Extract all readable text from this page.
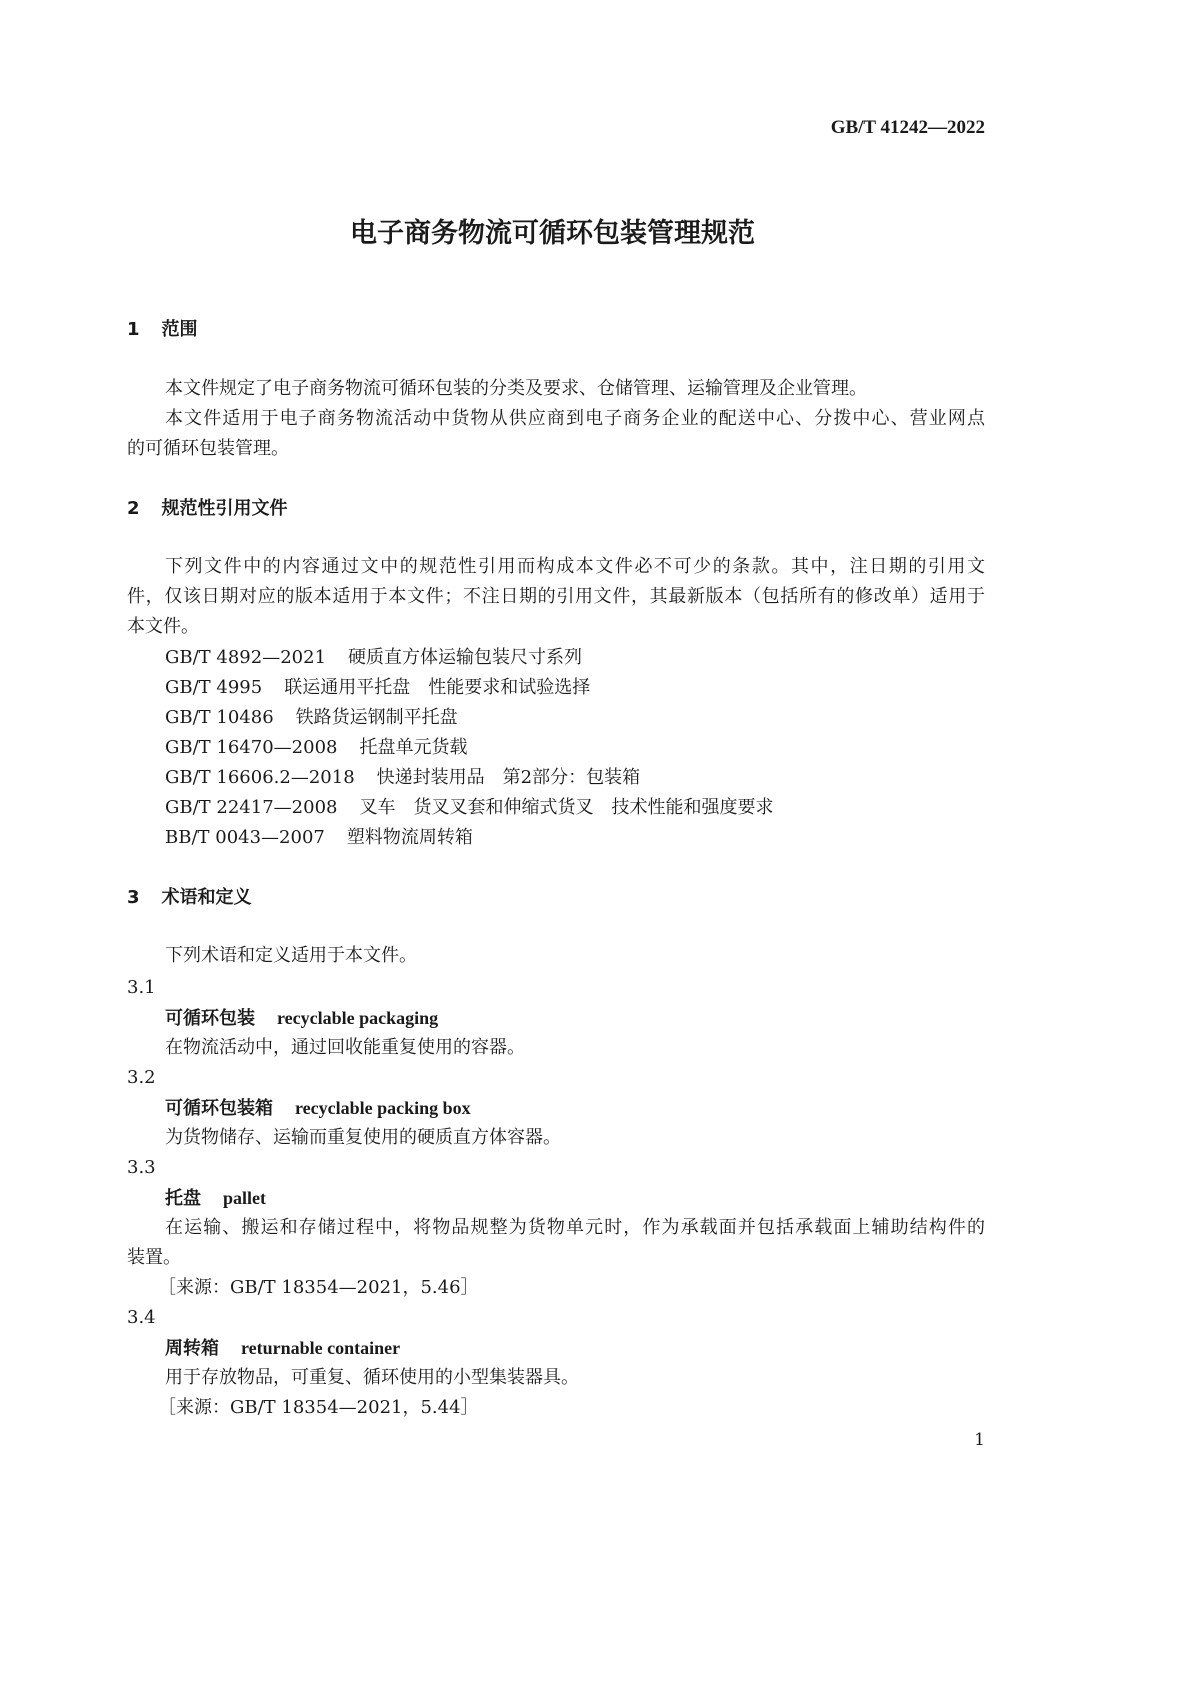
GB/T 41242—2022
电子商务物流可循环包装管理规范
1 范围
本文件规定了电子商务物流可循环包装的分类及要求、仓储管理、运输管理及企业管理。
本文件适用于电子商务物流活动中货物从供应商到电子商务企业的配送中心、分拨中心、营业网点
的可循环包装管理。
2 规范性引用文件
下列文件中的内容通过文中的规范性引用而构成本文件必不可少的条款。其中，注日期的引用文
件，仅该日期对应的版本适用于本文件；不注日期的引用文件，其最新版本（包括所有的修改单）适用于
本文件。
GB/T 4892—2021 硬质直方体运输包装尺寸系列
GB/T 4995 联运通用平托盘　性能要求和试验选择
GB/T 10486 铁路货运钢制平托盘
GB/T 16470—2008 托盘单元货载
GB/T 16606.2—2018 快递封装用品　第2部分：包装箱
GB/T 22417—2008 叉车　货叉叉套和伸缩式货叉　技术性能和强度要求
BB/T 0043—2007 塑料物流周转箱
3 术语和定义
下列术语和定义适用于本文件。
3.1
可循环包装 recyclable packaging
在物流活动中，通过回收能重复使用的容器。
3.2
可循环包装箱 recyclable packing box
为货物储存、运输而重复使用的硬质直方体容器。
3.3
托盘 pallet
在运输、搬运和存储过程中，将物品规整为货物单元时，作为承载面并包括承载面上辅助结构件的
装置。
［来源：GB/T 18354—2021，5.46］
3.4
周转箱 returnable container
用于存放物品，可重复、循环使用的小型集装器具。
［来源：GB/T 18354—2021，5.44］
1
